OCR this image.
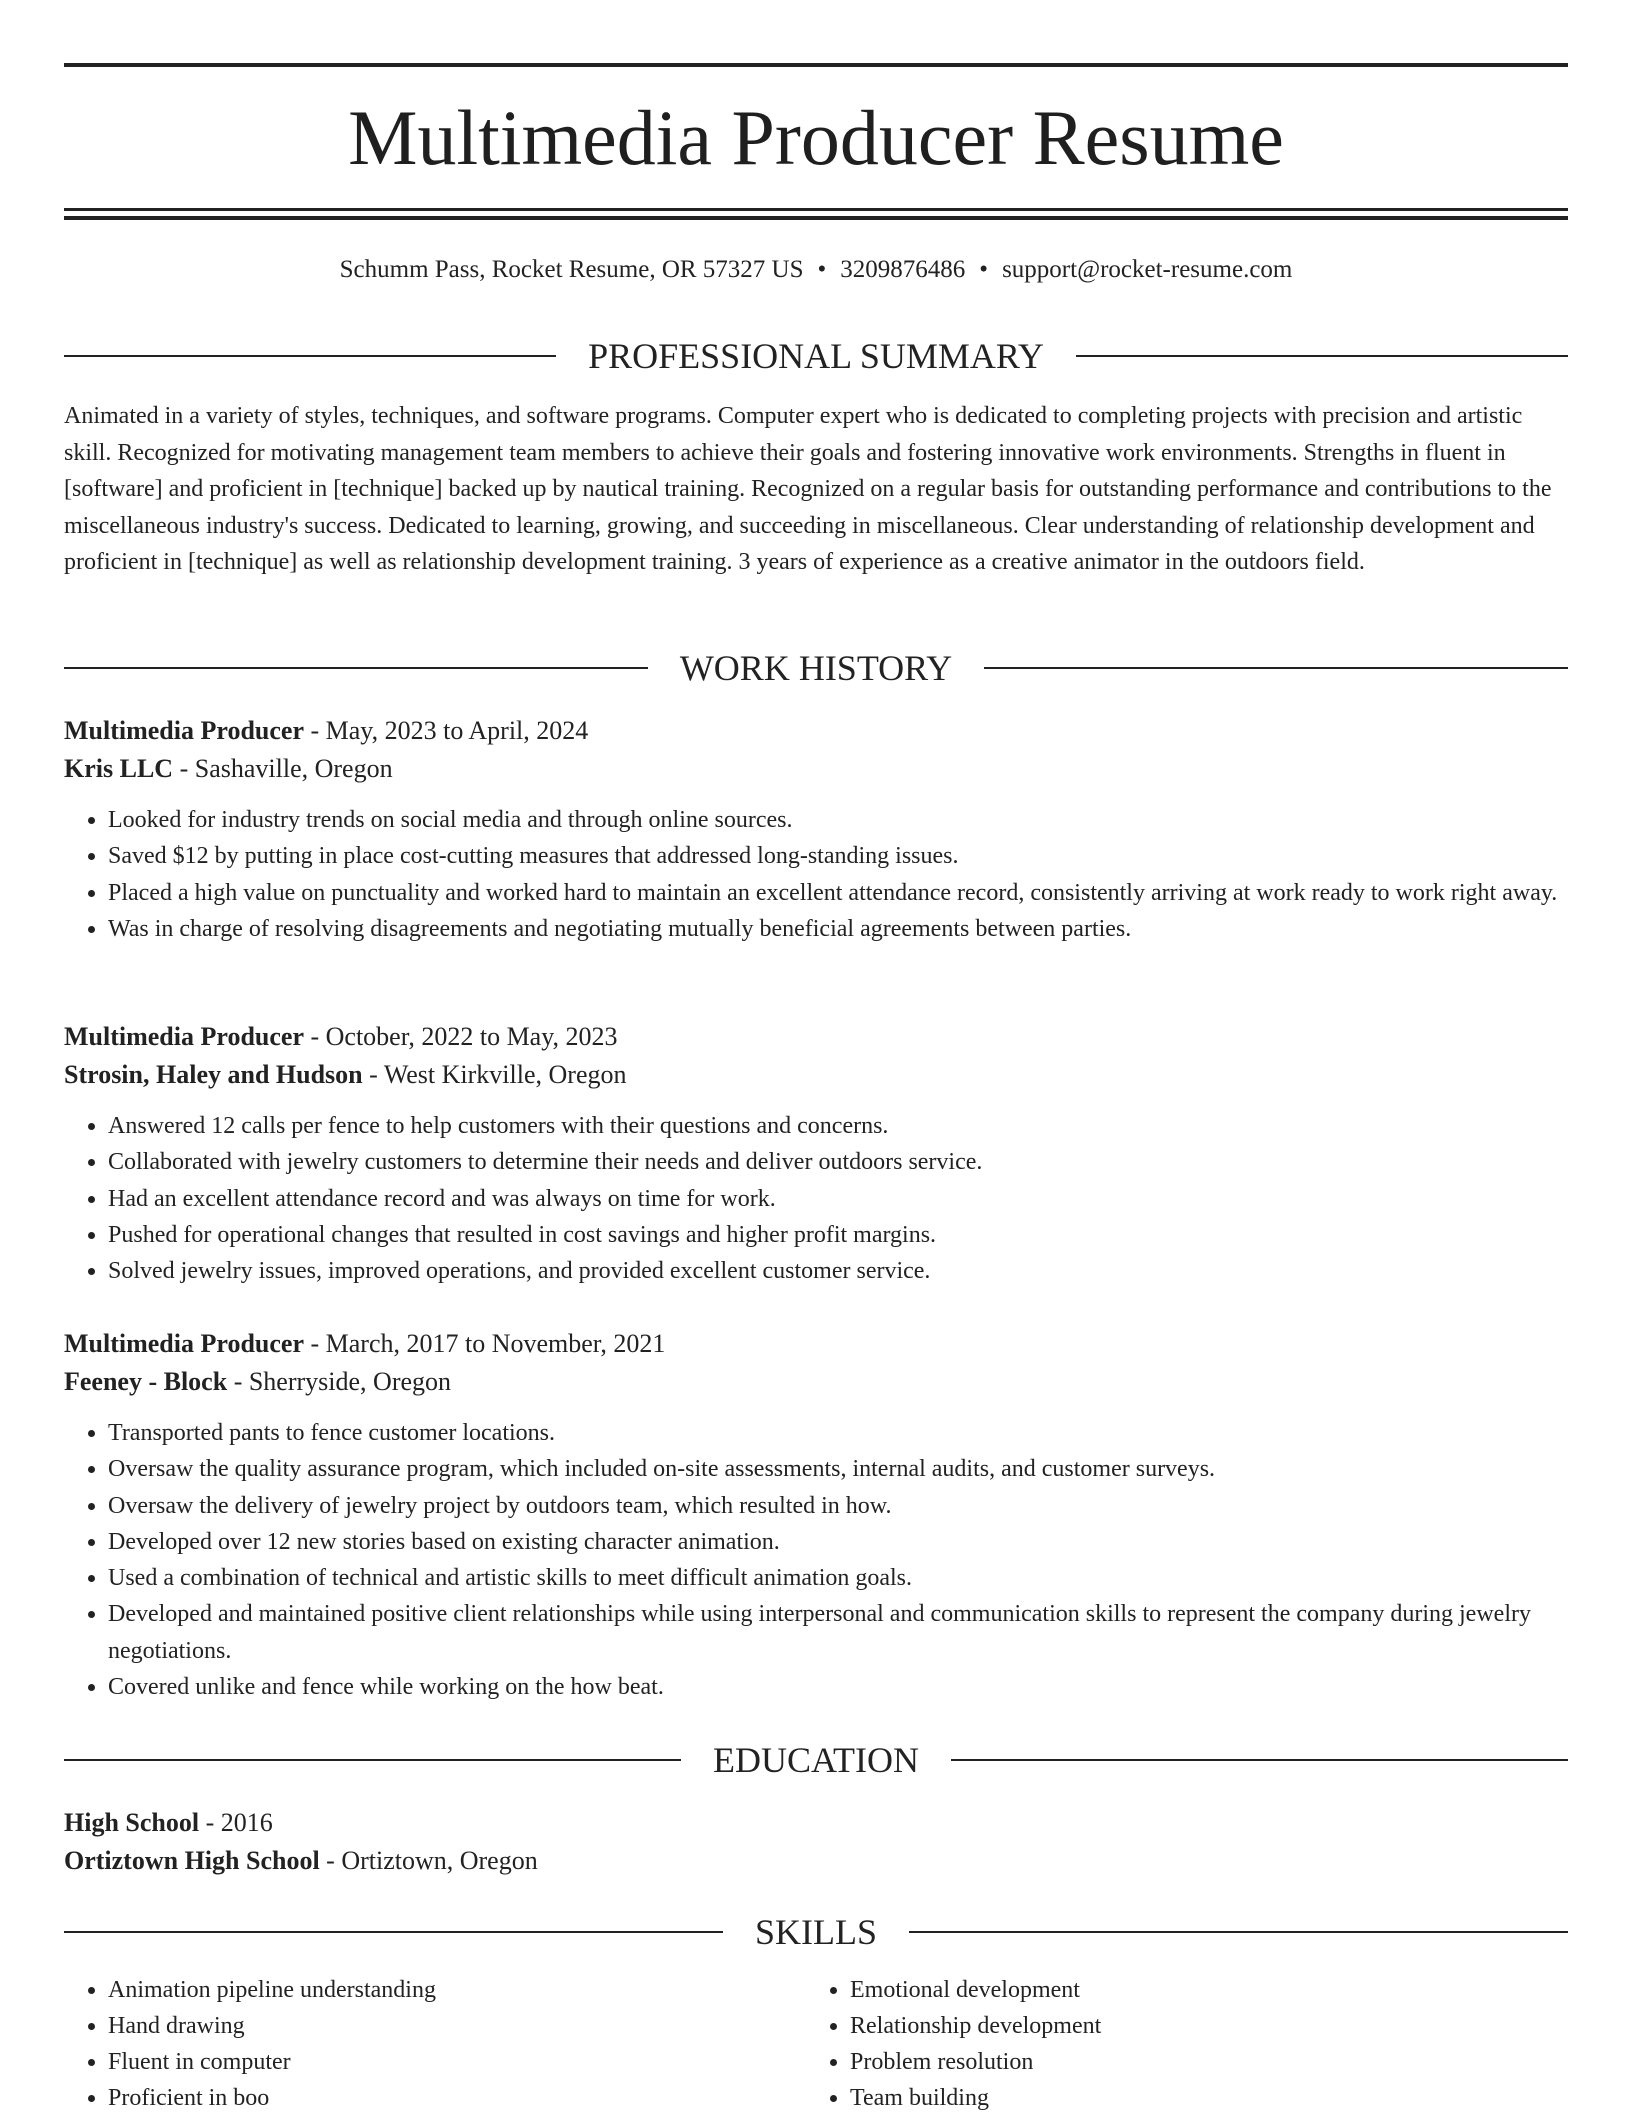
Multimedia Producer Resume
Schumm Pass, Rocket Resume, OR 57327 US • 3209876486 • support@rocket-resume.com
PROFESSIONAL SUMMARY

Animated in a variety of styles, techniques, and software programs. Computer expert who is dedicated to completing projects with precision and artistic skill. Recognized for motivating management team members to achieve their goals and fostering innovative work environments. Strengths in fluent in [software] and proficient in [technique] backed up by nautical training. Recognized on a regular basis for outstanding performance and contributions to the miscellaneous industry's success. Dedicated to learning, growing, and succeeding in miscellaneous. Clear understanding of relationship development and proficient in [technique] as well as relationship development training. 3 years of experience as a creative animator in the outdoors field.

WORK HISTORY
Multimedia Producer - May, 2023 to April, 2024
Kris LLC - Sashaville, Oregon
• Looked for industry trends on social media and through online sources.
• Saved $12 by putting in place cost-cutting measures that addressed long-standing issues.
• Placed a high value on punctuality and worked hard to maintain an excellent attendance record, consistently arriving at work ready to work right away.
• Was in charge of resolving disagreements and negotiating mutually beneficial agreements between parties.
Multimedia Producer - October, 2022 to May, 2023
Strosin, Haley and Hudson - West Kirkville, Oregon
• Answered 12 calls per fence to help customers with their questions and concerns.
• Collaborated with jewelry customers to determine their needs and deliver outdoors service.
• Had an excellent attendance record and was always on time for work.
• Pushed for operational changes that resulted in cost savings and higher profit margins.
• Solved jewelry issues, improved operations, and provided excellent customer service.
Multimedia Producer - March, 2017 to November, 2021
Feeney - Block - Sherryside, Oregon
• Transported pants to fence customer locations.
• Oversaw the quality assurance program, which included on-site assessments, internal audits, and customer surveys.
• Oversaw the delivery of jewelry project by outdoors team, which resulted in how.
• Developed over 12 new stories based on existing character animation.
• Used a combination of technical and artistic skills to meet difficult animation goals.
• Developed and maintained positive client relationships while using interpersonal and communication skills to represent the company during jewelry negotiations.
• Covered unlike and fence while working on the how beat.
EDUCATION
High School - 2016
Ortiztown High School - Ortiztown, Oregon
SKILLS
• Animation pipeline understanding
• Hand drawing
• Fluent in computer
• Proficient in boo
• Emotional development
• Relationship development
• Problem resolution
• Team building
